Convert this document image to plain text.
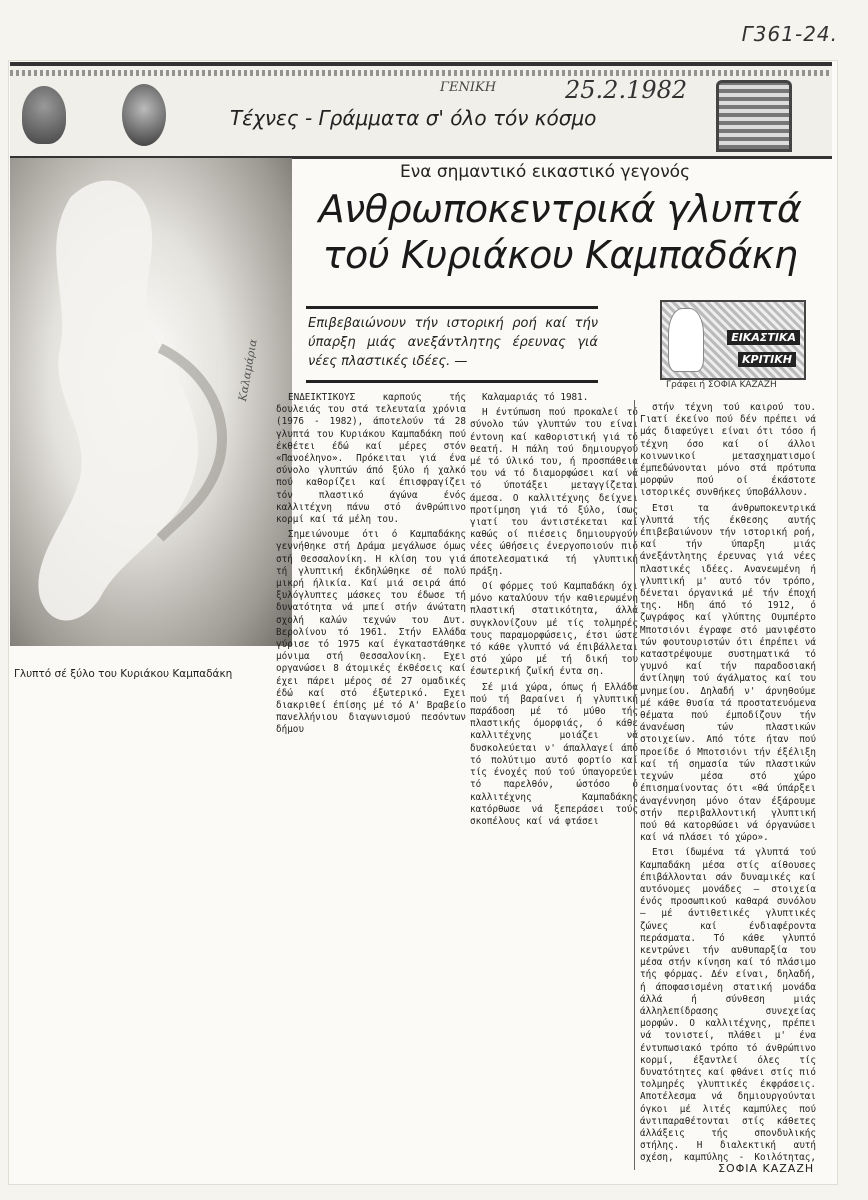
Γ361-24.
ΓΕΝΙΚΗ	25.2.1982
Τέχνες - Γράμματα σ' όλο τόν κόσμο
Γλυπτό σέ ξύλο του Κυριάκου Καμπαδάκη
Ενα σημαντικό εικαστικό γεγονός
Ανθρωποκεντρικά γλυπτά
τού Κυριάκου Καμπαδάκη
Επιβεβαιώνουν τήν ιστορική ροή καί τήν ύπαρξη μιάς ανεξάντλητης έρευνας γιά νέες πλαστικές ιδέες. —
ΕΙΚΑΣΤΙΚΑ
ΚΡΙΤΙΚΗ
Γράφει ή ΣΟΦΙΑ ΚΑΖΑΖΗ
Καλαμάρια	ΕΝΔΕΙΚΤΙΚΟΥΣ καρπούς τής δουλειάς του στά τελευταία χρόνια (1976 - 1982), άποτελούν τά 28 γλυπτά του Κυριάκου Καμπαδάκη πού έκθέτει έδώ καί μέρες στόν «Πανοέληνο». Πρόκειται γιά ένα σύνολο γλυπτών άπό ξύλο ή χαλκό πού καθορίζει καί έπισφραγίζει τόν πλαστικό άγώνα ένός καλλιτέχνη πάνω στό άνθρώπινο κορμί καί τά μέλη του.

Σημειώνουμε ότι ό Καμπαδάκης γεννήθηκε στή Δράμα μεγάλωσε όμως στή Θεσσαλονίκη. Η κλίση του γιά τή γλυπτική έκδηλώθηκε σέ πολύ μικρή ήλικία. Καί μιά σειρά άπό ξυλόγλυπτες μάσκες του έδωσε τή δυνατότητα νά μπεί στήν άνώτατη σχολή καλών τεχνών του Δυτ. Βερολίνου τό 1961. Στήν Ελλάδα γύρισε τό 1975 καί έγκαταστάθηκε μόνιμα στή Θεσσαλονίκη. Εχει οργανώσει 8 άτομικές έκθέσεις καί έχει πάρει μέρος σέ 27 ομαδικές έδώ καί στό έξωτερικό. Εχει διακριθεί έπίσης μέ τό Α' Βραβείο πανελλήνιου διαγωνισμού πεσόντων δήμου

Καλαμαριάς τό 1981.

Η έντύπωση πού προκαλεί τό σύνολο τών γλυπτών του είναι έντονη καί καθοριστική γιά τό θεατή. Η πάλη τού δημιουργού μέ τό ύλικό του, ή προσπάθεια του νά τό διαμορφώσει καί νά τό ύποτάξει μεταγγίζεται άμεσα. Ο καλλιτέχνης δείχνει προτίμηση γιά τό ξύλο, ίσως γιατί του άντιστέκεται καί καθώς οί πιέσεις δημιουργούν νέες ώθήσεις ένεργοποιούν πιό άποτελεσματικά τή γλυπτική πράξη.

Οί φόρμες τού Καμπαδάκη όχι μόνο καταλύουν τήν καθιερωμένη πλαστική στατικότητα, άλλά συγκλονίζουν μέ τίς τολμηρές τους παραμορφώσεις, έτσι ώστε τό κάθε γλυπτό νά έπιβάλλεται στό χώρο μέ τή δική του έσωτερική ζωϊκή έντα ση.

Σέ μιά χώρα, όπως ή Ελλάδα πού τή βαραίνει ή γλυπτική παράδοση μέ τό μύθο τής πλαστικής όμορφιάς, ό κάθε καλλιτέχνης μοιάζει νά δυσκολεύεται ν' άπαλλαγεί άπό τό πολύτιμο αυτό φορτίο καί τίς ένοχές πού τού ύπαγορεύει τό παρελθόν, ώστόσο ό καλλιτέχνης Καμπαδάκης κατόρθωσε νά ξεπεράσει τούς σκοπέλους καί νά φτάσει

στήν τέχνη τού καιρού του. Γιατί έκείνο πού δέν πρέπει νά μάς διαφεύγει είναι ότι τόσο ή τέχνη όσο καί οί άλλοι κοινωνικοί μετασχηματισμοί έμπεδώνονται μόνο στά πρότυπα μορφών πού οί έκάστοτε ιστορικές συνθήκες ύποβάλλουν.

Ετσι τα άνθρωποκεντρικά γλυπτά τής έκθεσης αυτής έπιβεβαιώνουν τήν ιστορική ροή, καί τήν ύπαρξη μιάς άνεξάντλητης έρευνας γιά νέες πλαστικές ιδέες. Ανανεωμένη ή γλυπτική μ' αυτό τόν τρόπο, δένεται όργανικά μέ τήν έποχή της. Ηδη άπό τό 1912, ό ζωγράφος καί γλύπτης Ουμπέρτο Μποτσιόνι έγραφε στό μανιφέστο τών φουτουριστών ότι έπρέπει νά καταστρέψουμε συστηματικά τό γυμνό καί τήν παραδοσιακή άντίληψη τού άγάλματος καί του μνημείου. Δηλαδή ν' άρνηθούμε μέ κάθε θυσία τά προστατευόμενα θέματα πού έμποδίζουν τήν άνανέωση τών πλαστικών στοιχείων. Από τότε ήταν πού προείδε ό Μποτσιόνι τήν έξέλιξη καί τή σημασία τών πλαστικών τεχνών μέσα στό χώρο έπισημαίνοντας ότι «θά ύπάρξει άναγέννηση μόνο όταν έξάρουμε στήν περιβαλλοντική γλυπτική πού θά κατορθώσει νά όργανώσει καί νά πλάσει τό χώρο».

Ετσι ίδωμένα τά γλυπτά τού Καμπαδάκη μέσα στίς αίθουσες έπιβάλλονται σάν δυναμικές καί αυτόνομες μονάδες — στοιχεία ένός προσωπικού καθαρά συνόλου — μέ άντιθετικές γλυπτικές ζώνες καί ένδιαφέροντα περάσματα. Τό κάθε γλυπτό κεντρώνει τήν αυθυπαρξία του μέσα στήν κίνηση καί τό πλάσιμο τής φόρμας. Δέν είναι, δηλαδή, ή άποφασισμένη στατική μονάδα άλλά ή σύνθεση μιάς άλληλεπίδρασης συνεχείας μορφών. Ο καλλιτέχνης, πρέπει νά τονιστεί, πλάθει μ' ένα έντυπωσιακό τρόπο τό άνθρώπινο κορμί, έξαντλεί όλες τίς δυνατότητες καί φθάνει στίς πιό τολμηρές γλυπτικές έκφράσεις. Αποτέλεσμα νά δημιουργούνται όγκοι μέ λιτές καμπύλες πού άντιπαραθέτονται στίς κάθετες άλλάξεις τής σπονδυλικής στήλης. Η διαλεκτική αυτή σχέση, καμπύλης - Κοιλότητας,

ΣΟΦΙΑ ΚΑΖΑΖΗ
